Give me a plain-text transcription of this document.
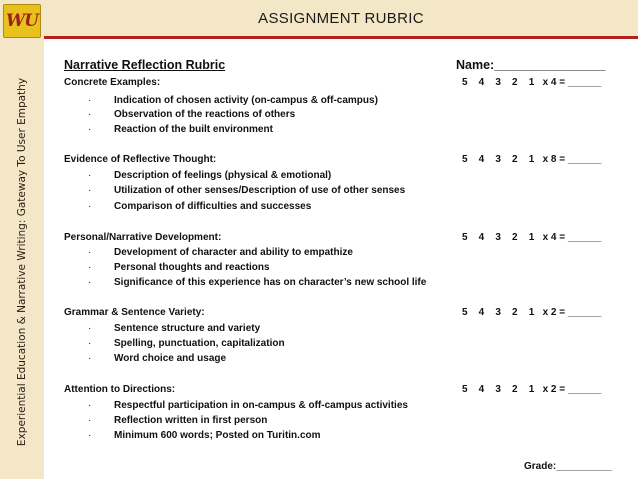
WU
Experiential Education & Narrative Writing: Gateway To User Empathy
ASSIGNMENT RUBRIC
Narrative Reflection Rubric	Name:________________
Concrete Examples:	5    4    3    2    1   x 4 = ______
· Indication of chosen activity (on-campus & off-campus)
· Observation of the reactions of others
· Reaction of the built environment
Evidence of Reflective Thought:	5    4    3    2    1   x 8 = ______
· Description of feelings (physical & emotional)
· Utilization of other senses/Description of use of other senses
· Comparison of difficulties and successes
Personal/Narrative Development:	5    4    3    2    1   x 4 = ______
· Development of character and ability to empathize
· Personal thoughts and reactions
· Significance of this experience has on character’s new school life
Grammar & Sentence Variety:	5    4    3    2    1   x 2 = ______
· Sentence structure and variety
· Spelling, punctuation, capitalization
· Word choice and usage
Attention to Directions:	5    4    3    2    1   x 2 = ______
· Respectful participation in on-campus & off-campus activities
· Reflection written in first person
· Minimum 600 words; Posted on Turitin.com
Grade:__________
